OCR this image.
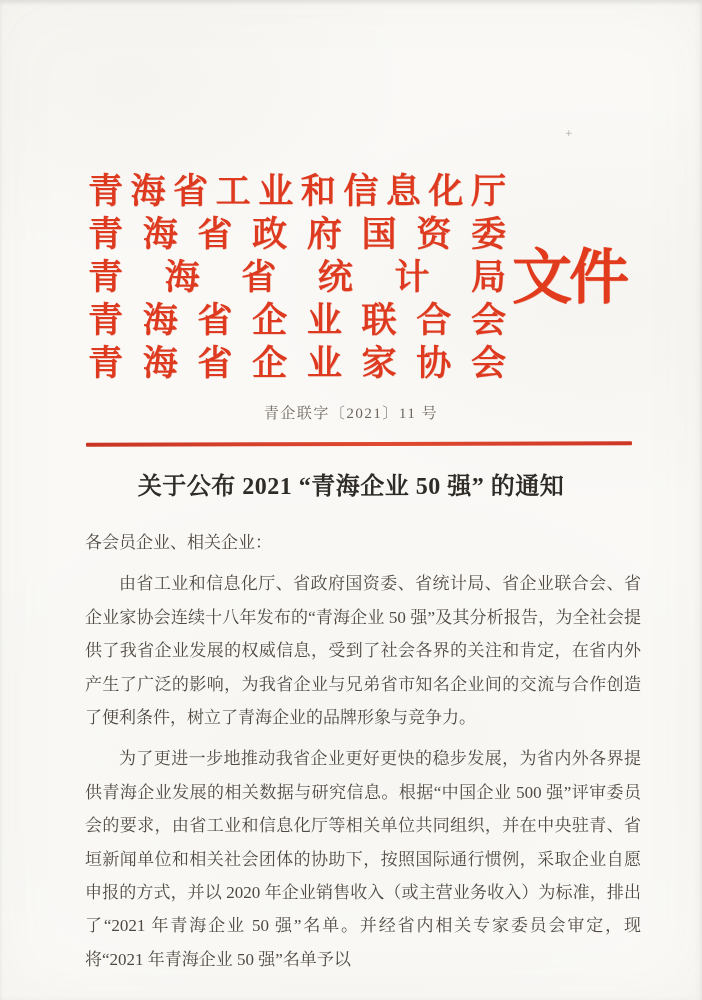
+
青海省工业和信息化厅
青海省政府国资委
青海省统计局
青海省企业联合会
青海省企业家协会
文件
青企联字〔2021〕11 号
关于公布 2021 “青海企业 50 强” 的通知

各会员企业、相关企业：

由省工业和信息化厅、省政府国资委、省统计局、省企业联合会、省企业家协会连续十八年发布的“青海企业 50 强”及其分析报告，为全社会提供了我省企业发展的权威信息，受到了社会各界的关注和肯定，在省内外产生了广泛的影响，为我省企业与兄弟省市知名企业间的交流与合作创造了便利条件，树立了青海企业的品牌形象与竞争力。

为了更进一步地推动我省企业更好更快的稳步发展，为省内外各界提供青海企业发展的相关数据与研究信息。根据“中国企业 500 强”评审委员会的要求，由省工业和信息化厅等相关单位共同组织，并在中央驻青、省垣新闻单位和相关社会团体的协助下，按照国际通行惯例，采取企业自愿申报的方式，并以 2020 年企业销售收入（或主营业务收入）为标准，排出了“2021 年青海企业 50 强”名单。并经省内相关专家委员会审定，现将“2021 年青海企业 50 强”名单予以
